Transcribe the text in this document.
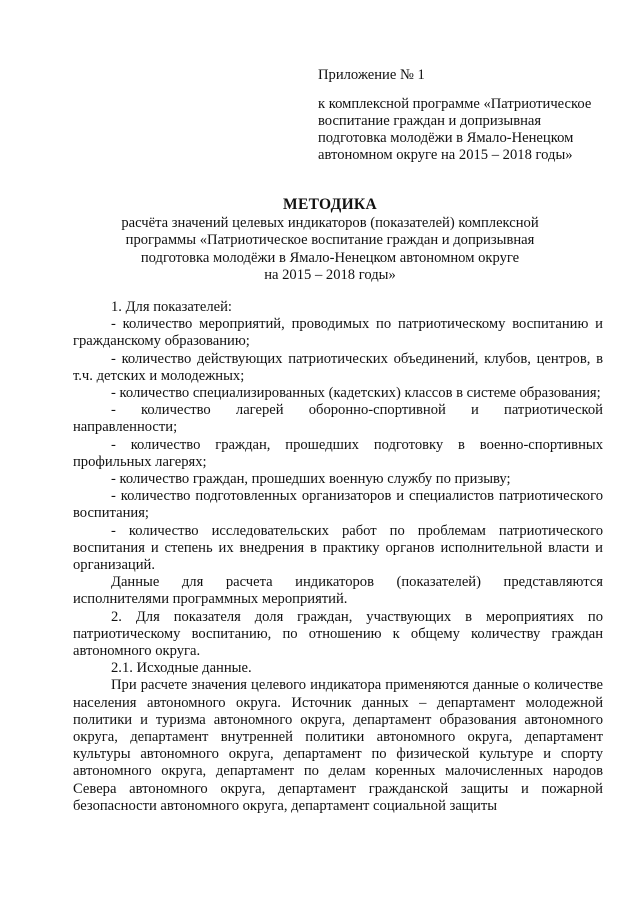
Приложение № 1
к комплексной программе «Патриотическое
воспитание граждан и допризывная
подготовка молодёжи в Ямало-Ненецком
автономном округе на 2015 – 2018 годы»
МЕТОДИКА
расчёта значений целевых индикаторов (показателей) комплексной
программы «Патриотическое воспитание граждан и допризывная
подготовка молодёжи в Ямало-Ненецком автономном округе
на 2015 – 2018 годы»

1. Для показателей:

- количество мероприятий, проводимых по патриотическому воспитанию и гражданскому образованию;

- количество действующих патриотических объединений, клубов, центров, в т.ч. детских и молодежных;

- количество специализированных (кадетских) классов в системе образования;

- количество лагерей оборонно-спортивной и патриотической направленности;

- количество граждан, прошедших подготовку в военно-спортивных профильных лагерях;

- количество граждан, прошедших военную службу по призыву;

- количество подготовленных организаторов и специалистов патриотического воспитания;

- количество исследовательских работ по проблемам патриотического воспитания и степень их внедрения в практику органов исполнительной власти и организаций.

Данные для расчета индикаторов (показателей) представляются исполнителями программных мероприятий.

2. Для показателя доля граждан, участвующих в мероприятиях по патриотическому воспитанию, по отношению к общему количеству граждан автономного округа.

2.1. Исходные данные.

При расчете значения целевого индикатора применяются данные о количестве населения автономного округа. Источник данных – департамент молодежной политики и туризма автономного округа, департамент образования автономного округа, департамент внутренней политики автономного округа, департамент культуры автономного округа, департамент по физической культуре и спорту автономного округа, департамент по делам коренных малочисленных народов Севера автономного округа, департамент гражданской защиты и пожарной безопасности автономного округа, департамент социальной защиты
